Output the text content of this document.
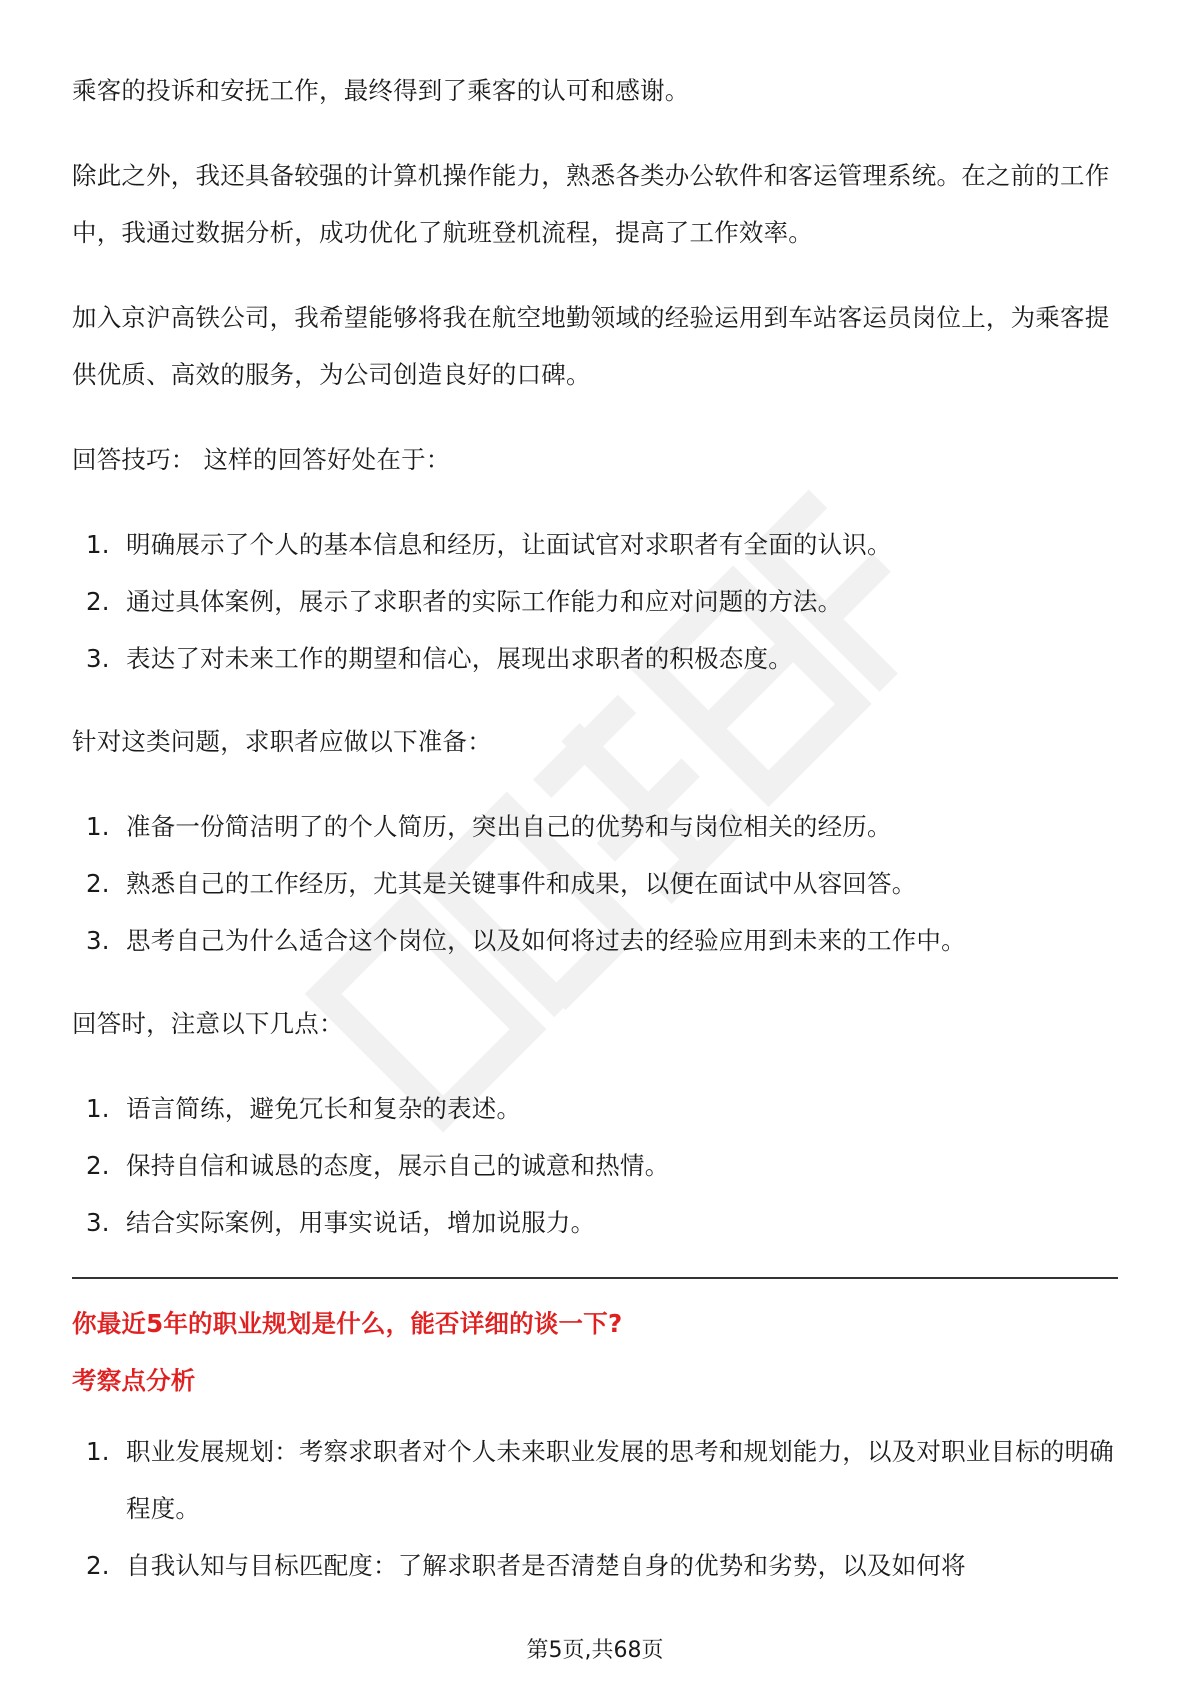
乘客的投诉和安抚工作，最终得到了乘客的认可和感谢。

除此之外，我还具备较强的计算机操作能力，熟悉各类办公软件和客运管理系统。在之前的工作中，我通过数据分析，成功优化了航班登机流程，提高了工作效率。

加入京沪高铁公司，我希望能够将我在航空地勤领域的经验运用到车站客运员岗位上，为乘客提供优质、高效的服务，为公司创造良好的口碑。

回答技巧： 这样的回答好处在于：

1. 明确展示了个人的基本信息和经历，让面试官对求职者有全面的认识。
2. 通过具体案例，展示了求职者的实际工作能力和应对问题的方法。
3. 表达了对未来工作的期望和信心，展现出求职者的积极态度。

针对这类问题，求职者应做以下准备：

1. 准备一份简洁明了的个人简历，突出自己的优势和与岗位相关的经历。
2. 熟悉自己的工作经历，尤其是关键事件和成果，以便在面试中从容回答。
3. 思考自己为什么适合这个岗位，以及如何将过去的经验应用到未来的工作中。

回答时，注意以下几点：

1. 语言简练，避免冗长和复杂的表述。
2. 保持自信和诚恳的态度，展示自己的诚意和热情。
3. 结合实际案例，用事实说话，增加说服力。

你最近5年的职业规划是什么，能否详细的谈一下?

考察点分析

1. 职业发展规划：考察求职者对个人未来职业发展的思考和规划能力，以及对职业目标的明确程度。
2. 自我认知与目标匹配度：了解求职者是否清楚自身的优势和劣势，以及如何将
第5页,共68页
